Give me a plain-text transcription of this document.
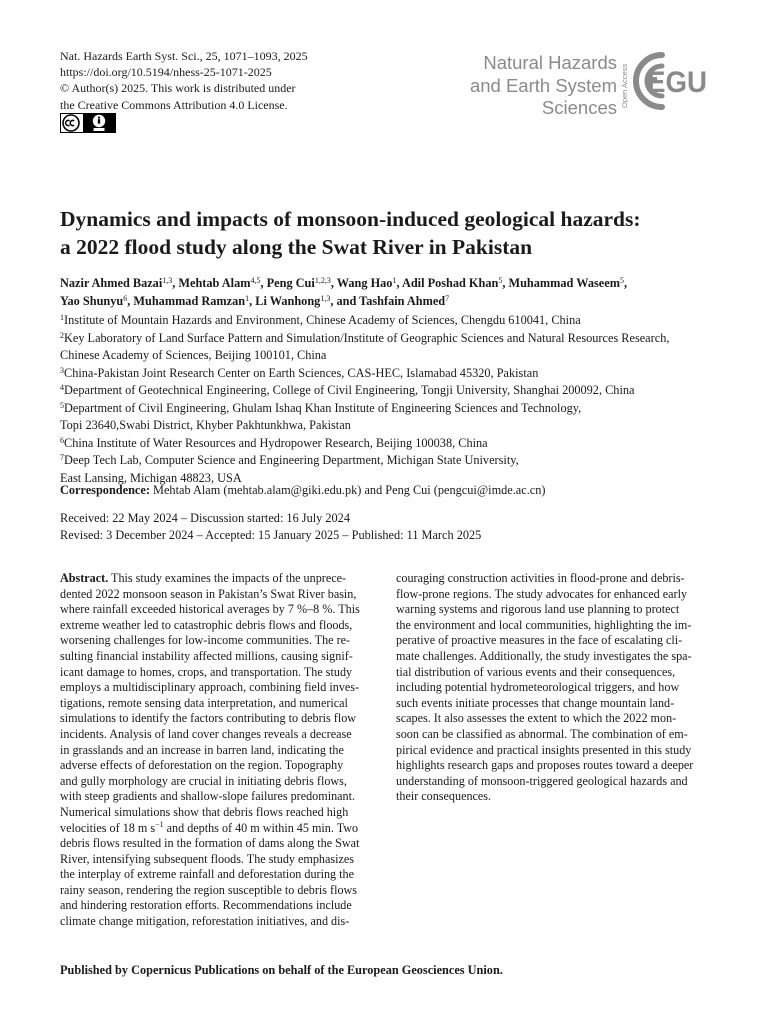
Nat. Hazards Earth Syst. Sci., 25, 1071–1093, 2025
https://doi.org/10.5194/nhess-25-1071-2025
© Author(s) 2025. This work is distributed under
the Creative Commons Attribution 4.0 License.
Natural Hazards
and Earth System
Sciences Open Access EGU
Dynamics and impacts of monsoon-induced geological hazards:
a 2022 flood study along the Swat River in Pakistan
Nazir Ahmed Bazai$^{1,3}$, Mehtab Alam$^{4,5}$, Peng Cui$^{1,2,3}$, Wang Hao$^1$, Adil Poshad Khan$^5$, Muhammad Waseem$^5$,
Yao Shunyu$^6$, Muhammad Ramzan$^1$, Li Wanhong$^{1,3}$, and Tashfain Ahmed$^7$
$^1$Institute of Mountain Hazards and Environment, Chinese Academy of Sciences, Chengdu 610041, China
$^2$Key Laboratory of Land Surface Pattern and Simulation/Institute of Geographic Sciences and Natural Resources Research,
Chinese Academy of Sciences, Beijing 100101, China
$^3$China-Pakistan Joint Research Center on Earth Sciences, CAS-HEC, Islamabad 45320, Pakistan
$^4$Department of Geotechnical Engineering, College of Civil Engineering, Tongji University, Shanghai 200092, China
$^5$Department of Civil Engineering, Ghulam Ishaq Khan Institute of Engineering Sciences and Technology,
Topi 23640,Swabi District, Khyber Pakhtunkhwa, Pakistan
$^6$China Institute of Water Resources and Hydropower Research, Beijing 100038, China
$^7$Deep Tech Lab, Computer Science and Engineering Department, Michigan State University,
East Lansing, Michigan 48823, USA
Correspondence: Mehtab Alam (mehtab.alam@giki.edu.pk) and Peng Cui (pengcui@imde.ac.cn)
Received: 22 May 2024 – Discussion started: 16 July 2024
Revised: 3 December 2024 – Accepted: 15 January 2025 – Published: 11 March 2025
Abstract. This study examines the impacts of the unprece-
dented 2022 monsoon season in Pakistan’s Swat River basin,
where rainfall exceeded historical averages by 7 %–8 %. This
extreme weather led to catastrophic debris flows and floods,
worsening challenges for low-income communities. The re-
sulting financial instability affected millions, causing signif-
icant damage to homes, crops, and transportation. The study
employs a multidisciplinary approach, combining field inves-
tigations, remote sensing data interpretation, and numerical
simulations to identify the factors contributing to debris flow
incidents. Analysis of land cover changes reveals a decrease
in grasslands and an increase in barren land, indicating the
adverse effects of deforestation on the region. Topography
and gully morphology are crucial in initiating debris flows,
with steep gradients and shallow-slope failures predominant.
Numerical simulations show that debris flows reached high
velocities of 18 m $s^{-1}$ and depths of 40 m within 45 min. Two
debris flows resulted in the formation of dams along the Swat
River, intensifying subsequent floods. The study emphasizes
the interplay of extreme rainfall and deforestation during the
rainy season, rendering the region susceptible to debris flows
and hindering restoration efforts. Recommendations include
climate change mitigation, reforestation initiatives, and dis-
couraging construction activities in flood-prone and debris-
flow-prone regions. The study advocates for enhanced early
warning systems and rigorous land use planning to protect
the environment and local communities, highlighting the im-
perative of proactive measures in the face of escalating cli-
mate challenges. Additionally, the study investigates the spa-
tial distribution of various events and their consequences,
including potential hydrometeorological triggers, and how
such events initiate processes that change mountain land-
scapes. It also assesses the extent to which the 2022 mon-
soon can be classified as abnormal. The combination of em-
pirical evidence and practical insights presented in this study
highlights research gaps and proposes routes toward a deeper
understanding of monsoon-triggered geological hazards and
their consequences.
Published by Copernicus Publications on behalf of the European Geosciences Union.
